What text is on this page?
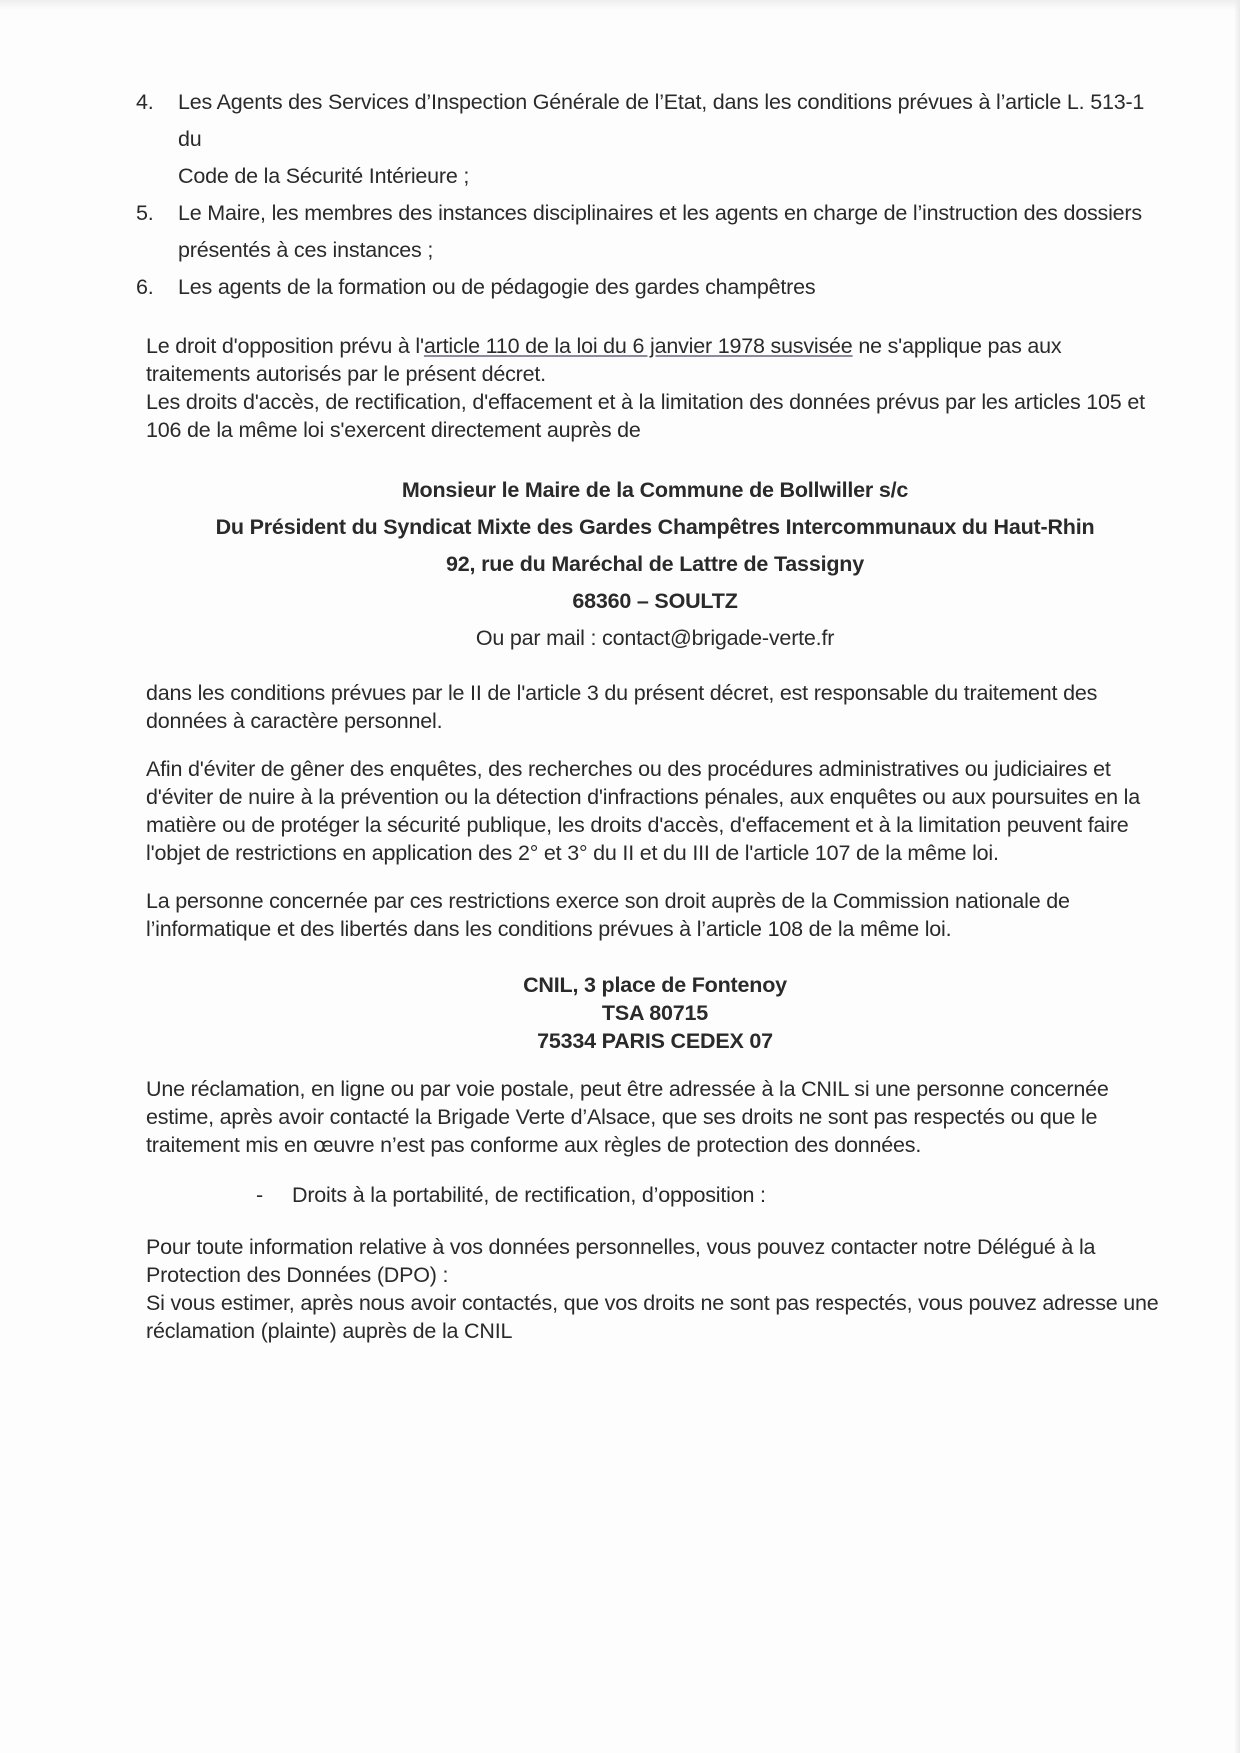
4. Les Agents des Services d’Inspection Générale de l’Etat, dans les conditions prévues à l’article L. 513-1 du
Code de la Sécurité Intérieure ;
5. Le Maire, les membres des instances disciplinaires et les agents en charge de l’instruction des dossiers
présentés à ces instances ;
6. Les agents de la formation ou de pédagogie des gardes champêtres

Le droit d'opposition prévu à l'article 110 de la loi du 6 janvier 1978 susvisée ne s'applique pas aux traitements autorisés par le présent décret.

Les droits d'accès, de rectification, d'effacement et à la limitation des données prévus par les articles 105 et 106 de la même loi s'exercent directement auprès de

Monsieur le Maire de la Commune de Bollwiller s/c
Du Président du Syndicat Mixte des Gardes Champêtres Intercommunaux du Haut-Rhin
92, rue du Maréchal de Lattre de Tassigny
68360 – SOULTZ
Ou par mail : contact@brigade-verte.fr

dans les conditions prévues par le II de l'article 3 du présent décret, est responsable du traitement des données à caractère personnel.

Afin d'éviter de gêner des enquêtes, des recherches ou des procédures administratives ou judiciaires et d'éviter de nuire à la prévention ou la détection d'infractions pénales, aux enquêtes ou aux poursuites en la matière ou de protéger la sécurité publique, les droits d'accès, d'effacement et à la limitation peuvent faire l'objet de restrictions en application des 2° et 3° du II et du III de l'article 107 de la même loi.

La personne concernée par ces restrictions exerce son droit auprès de la Commission nationale de l’informatique et des libertés dans les conditions prévues à l’article 108 de la même loi.

CNIL, 3 place de Fontenoy
TSA 80715
75334 PARIS CEDEX 07

Une réclamation, en ligne ou par voie postale, peut être adressée à la CNIL si une personne concernée estime, après avoir contacté la Brigade Verte d’Alsace, que ses droits ne sont pas respectés ou que le traitement mis en œuvre n’est pas conforme aux règles de protection des données.

- Droits à la portabilité, de rectification, d’opposition :

Pour toute information relative à vos données personnelles, vous pouvez contacter notre Délégué à la Protection des Données (DPO) :

Si vous estimer, après nous avoir contactés, que vos droits ne sont pas respectés, vous pouvez adresse une réclamation (plainte) auprès de la CNIL
